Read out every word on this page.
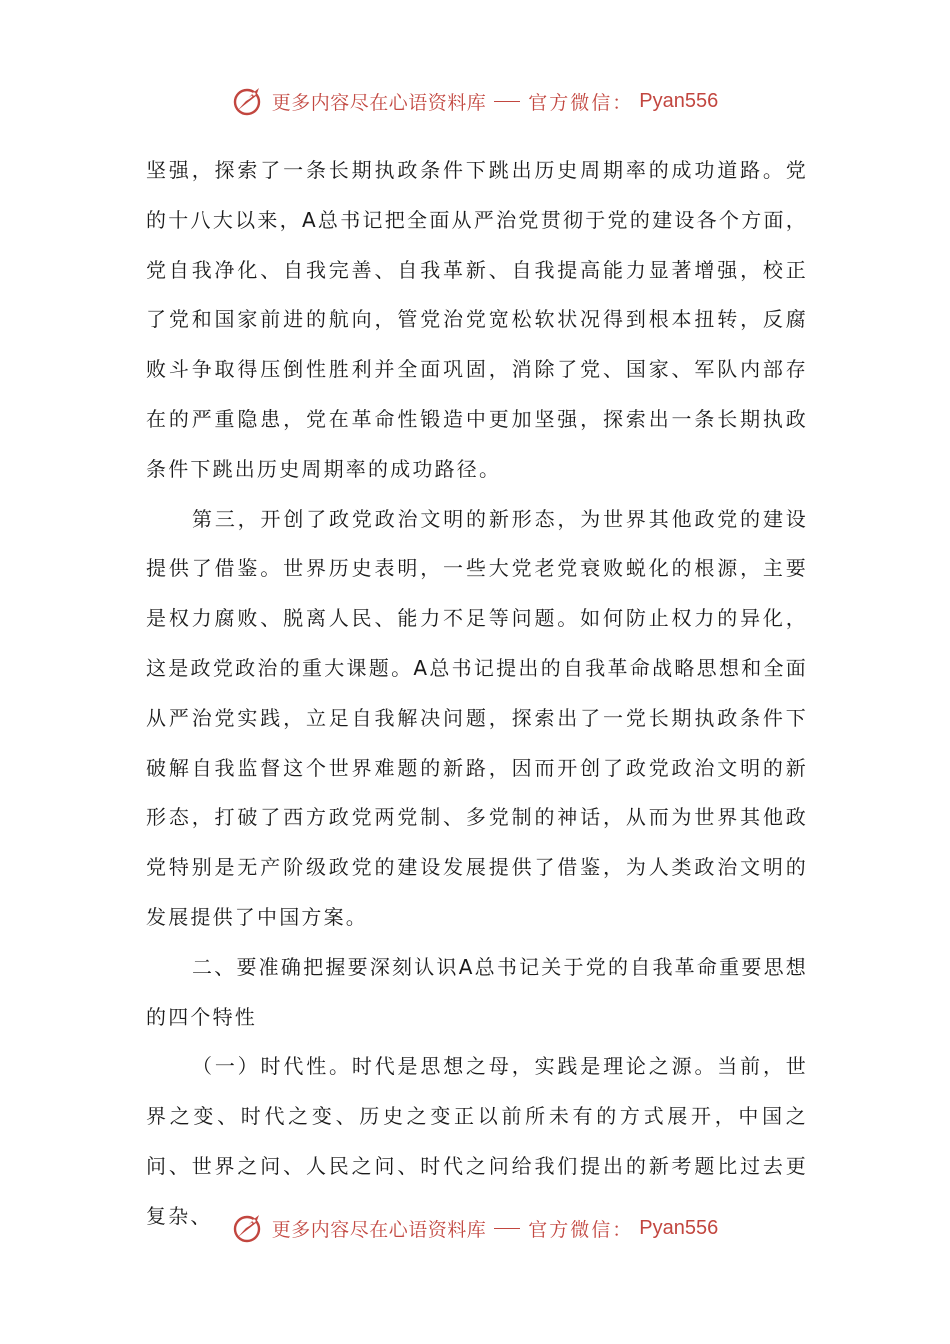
更多内容尽在心语资料库 官方微信： Pyan556

坚强，探索了一条长期执政条件下跳出历史周期率的成功道路。党的十八大以来，A总书记把全面从严治党贯彻于党的建设各个方面，党自我净化、自我完善、自我革新、自我提高能力显著增强，校正了党和国家前进的航向，管党治党宽松软状况得到根本扭转，反腐败斗争取得压倒性胜利并全面巩固，消除了党、国家、军队内部存在的严重隐患，党在革命性锻造中更加坚强，探索出一条长期执政条件下跳出历史周期率的成功路径。

第三，开创了政党政治文明的新形态，为世界其他政党的建设提供了借鉴。世界历史表明，一些大党老党衰败蜕化的根源，主要是权力腐败、脱离人民、能力不足等问题。如何防止权力的异化，这是政党政治的重大课题。A总书记提出的自我革命战略思想和全面从严治党实践，立足自我解决问题，探索出了一党长期执政条件下破解自我监督这个世界难题的新路，因而开创了政党政治文明的新形态，打破了西方政党两党制、多党制的神话，从而为世界其他政党特别是无产阶级政党的建设发展提供了借鉴，为人类政治文明的发展提供了中国方案。

二、要准确把握要深刻认识A总书记关于党的自我革命重要思想的四个特性

（一）时代性。时代是思想之母，实践是理论之源。当前，世界之变、时代之变、历史之变正以前所未有的方式展开，中国之问、世界之问、人民之问、时代之问给我们提出的新考题比过去更复杂、

更多内容尽在心语资料库 官方微信： Pyan556
